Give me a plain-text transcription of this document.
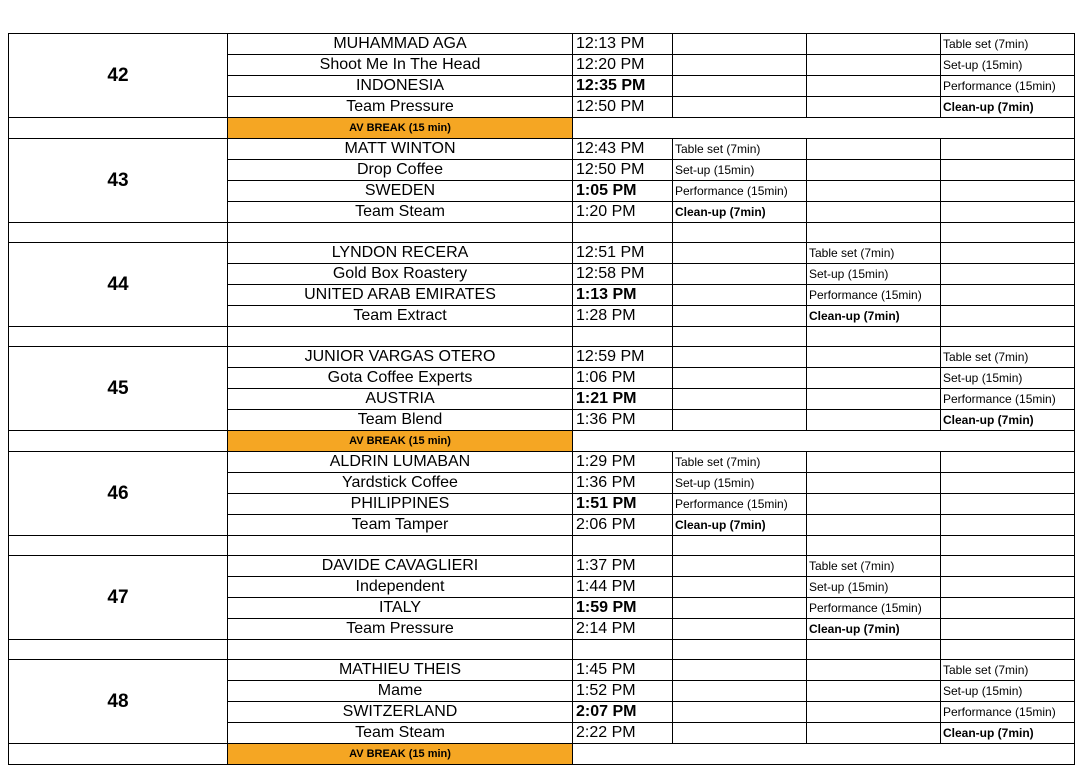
42	MUHAMMAD AGA	12:13 PM			Table set (7min)
	Shoot Me In The Head	12:20 PM			Set-up (15min)
	INDONESIA	12:35 PM			Performance (15min)
	Team Pressure	12:50 PM			Clean-up (7min)
	AV BREAK (15 min)				
43	MATT WINTON	12:43 PM	Table set (7min)		
	Drop Coffee	12:50 PM	Set-up (15min)		
	SWEDEN	1:05 PM	Performance (15min)		
	Team Steam	1:20 PM	Clean-up (7min)		

44	LYNDON RECERA	12:51 PM		Table set (7min)	
	Gold Box Roastery	12:58 PM		Set-up (15min)	
	UNITED ARAB EMIRATES	1:13 PM		Performance (15min)	
	Team Extract	1:28 PM		Clean-up (7min)	

45	JUNIOR VARGAS OTERO	12:59 PM			Table set (7min)
	Gota Coffee Experts	1:06 PM			Set-up (15min)
	AUSTRIA	1:21 PM			Performance (15min)
	Team Blend	1:36 PM			Clean-up (7min)
	AV BREAK (15 min)				
46	ALDRIN LUMABAN	1:29 PM	Table set (7min)		
	Yardstick Coffee	1:36 PM	Set-up (15min)		
	PHILIPPINES	1:51 PM	Performance (15min)		
	Team Tamper	2:06 PM	Clean-up (7min)		

47	DAVIDE CAVAGLIERI	1:37 PM		Table set (7min)	
	Independent	1:44 PM		Set-up (15min)	
	ITALY	1:59 PM		Performance (15min)	
	Team Pressure	2:14 PM		Clean-up (7min)	

48	MATHIEU THEIS	1:45 PM			Table set (7min)
	Mame	1:52 PM			Set-up (15min)
	SWITZERLAND	2:07 PM			Performance (15min)
	Team Steam	2:22 PM			Clean-up (7min)
	AV BREAK (15 min)				
